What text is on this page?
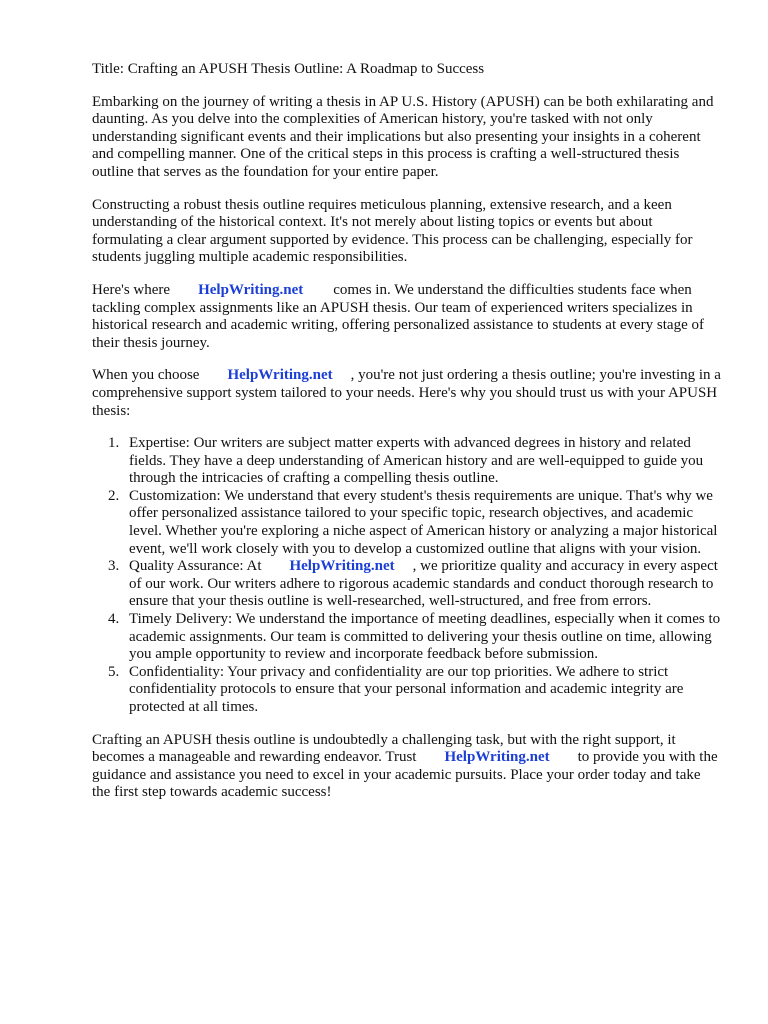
Title: Crafting an APUSH Thesis Outline: A Roadmap to Success

Embarking on the journey of writing a thesis in AP U.S. History (APUSH) can be both exhilarating and daunting. As you delve into the complexities of American history, you're tasked with not only understanding significant events and their implications but also presenting your insights in a coherent and compelling manner. One of the critical steps in this process is crafting a well-structured thesis outline that serves as the foundation for your entire paper.

Constructing a robust thesis outline requires meticulous planning, extensive research, and a keen understanding of the historical context. It's not merely about listing topics or events but about formulating a clear argument supported by evidence. This process can be challenging, especially for students juggling multiple academic responsibilities.

Here's where HelpWriting.net comes in. We understand the difficulties students face when tackling complex assignments like an APUSH thesis. Our team of experienced writers specializes in historical research and academic writing, offering personalized assistance to students at every stage of their thesis journey.

When you choose HelpWriting.net , you're not just ordering a thesis outline; you're investing in a comprehensive support system tailored to your needs. Here's why you should trust us with your APUSH thesis:

1. Expertise: Our writers are subject matter experts with advanced degrees in history and related fields. They have a deep understanding of American history and are well-equipped to guide you through the intricacies of crafting a compelling thesis outline.
2. Customization: We understand that every student's thesis requirements are unique. That's why we offer personalized assistance tailored to your specific topic, research objectives, and academic level. Whether you're exploring a niche aspect of American history or analyzing a major historical event, we'll work closely with you to develop a customized outline that aligns with your vision.
3. Quality Assurance: At HelpWriting.net , we prioritize quality and accuracy in every aspect of our work. Our writers adhere to rigorous academic standards and conduct thorough research to ensure that your thesis outline is well-researched, well-structured, and free from errors.
4. Timely Delivery: We understand the importance of meeting deadlines, especially when it comes to academic assignments. Our team is committed to delivering your thesis outline on time, allowing you ample opportunity to review and incorporate feedback before submission.
5. Confidentiality: Your privacy and confidentiality are our top priorities. We adhere to strict confidentiality protocols to ensure that your personal information and academic integrity are protected at all times.

Crafting an APUSH thesis outline is undoubtedly a challenging task, but with the right support, it becomes a manageable and rewarding endeavor. Trust HelpWriting.net to provide you with the guidance and assistance you need to excel in your academic pursuits. Place your order today and take the first step towards academic success!
